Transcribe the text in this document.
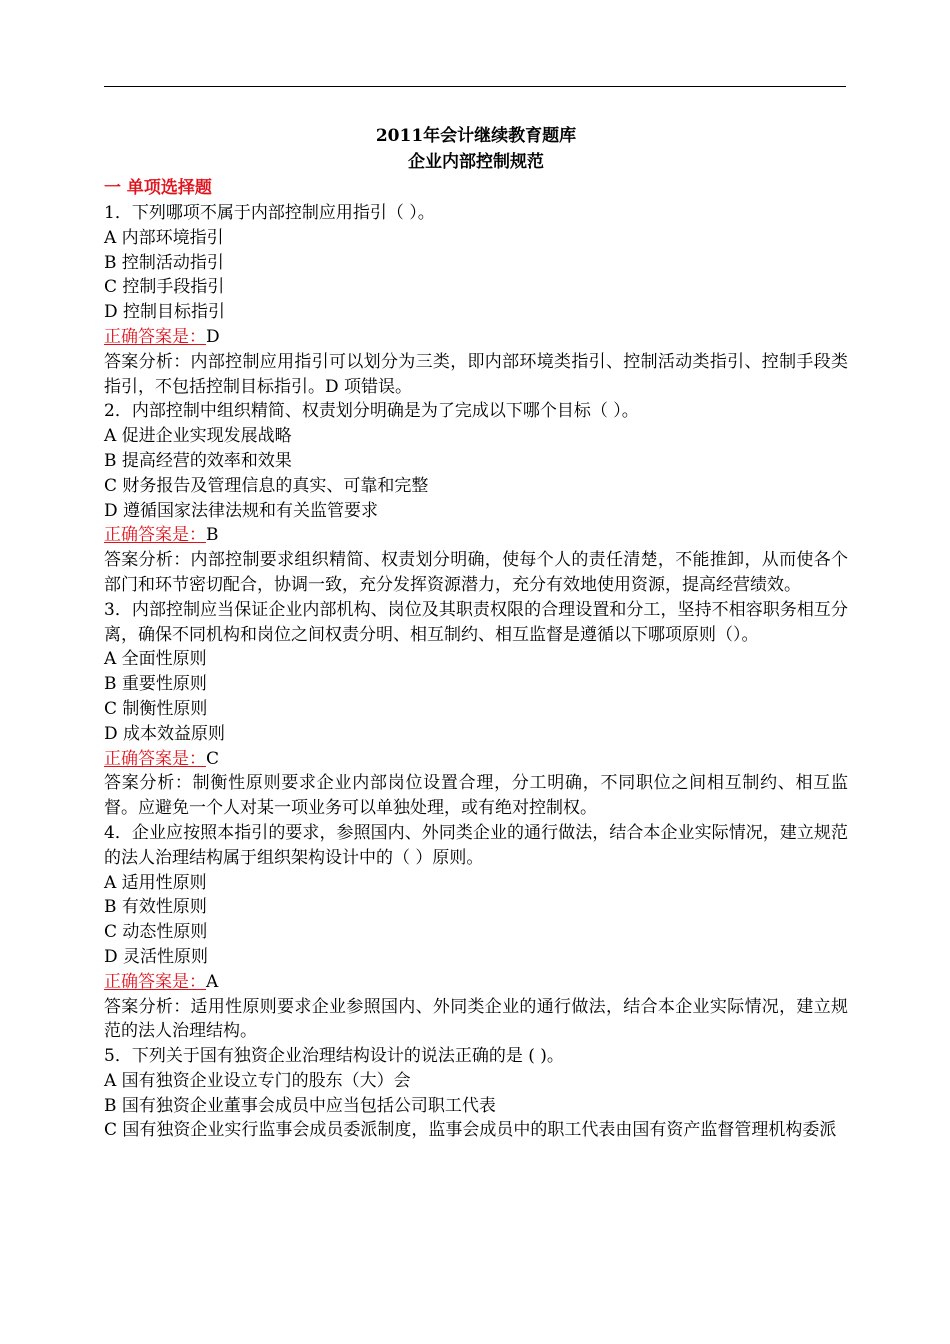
2011年会计继续教育题库
企业内部控制规范
一 单项选择题
1．下列哪项不属于内部控制应用指引（ ）。
A 内部环境指引
B 控制活动指引
C 控制手段指引
D 控制目标指引
正确答案是：D
答案分析：内部控制应用指引可以划分为三类，即内部环境类指引、控制活动类指引、控制手段类指引，不包括控制目标指引。D 项错误。
2．内部控制中组织精简、权责划分明确是为了完成以下哪个目标（ ）。
A 促进企业实现发展战略
B 提高经营的效率和效果
C 财务报告及管理信息的真实、可靠和完整
D 遵循国家法律法规和有关监管要求
正确答案是：B
答案分析：内部控制要求组织精简、权责划分明确，使每个人的责任清楚，不能推卸，从而使各个部门和环节密切配合，协调一致，充分发挥资源潜力，充分有效地使用资源，提高经营绩效。
3．内部控制应当保证企业内部机构、岗位及其职责权限的合理设置和分工，坚持不相容职务相互分离，确保不同机构和岗位之间权责分明、相互制约、相互监督是遵循以下哪项原则（）。
A 全面性原则
B 重要性原则
C 制衡性原则
D 成本效益原则
正确答案是：C
答案分析：制衡性原则要求企业内部岗位设置合理，分工明确，不同职位之间相互制约、相互监督。应避免一个人对某一项业务可以单独处理，或有绝对控制权。
4．企业应按照本指引的要求，参照国内、外同类企业的通行做法，结合本企业实际情况，建立规范的法人治理结构属于组织架构设计中的（ ）原则。
A 适用性原则
B 有效性原则
C 动态性原则
D 灵活性原则
正确答案是：A
答案分析：适用性原则要求企业参照国内、外同类企业的通行做法，结合本企业实际情况，建立规范的法人治理结构。
5．下列关于国有独资企业治理结构设计的说法正确的是 ( )。
A 国有独资企业设立专门的股东（大）会
B 国有独资企业董事会成员中应当包括公司职工代表
C 国有独资企业实行监事会成员委派制度，监事会成员中的职工代表由国有资产监督管理机构委派
